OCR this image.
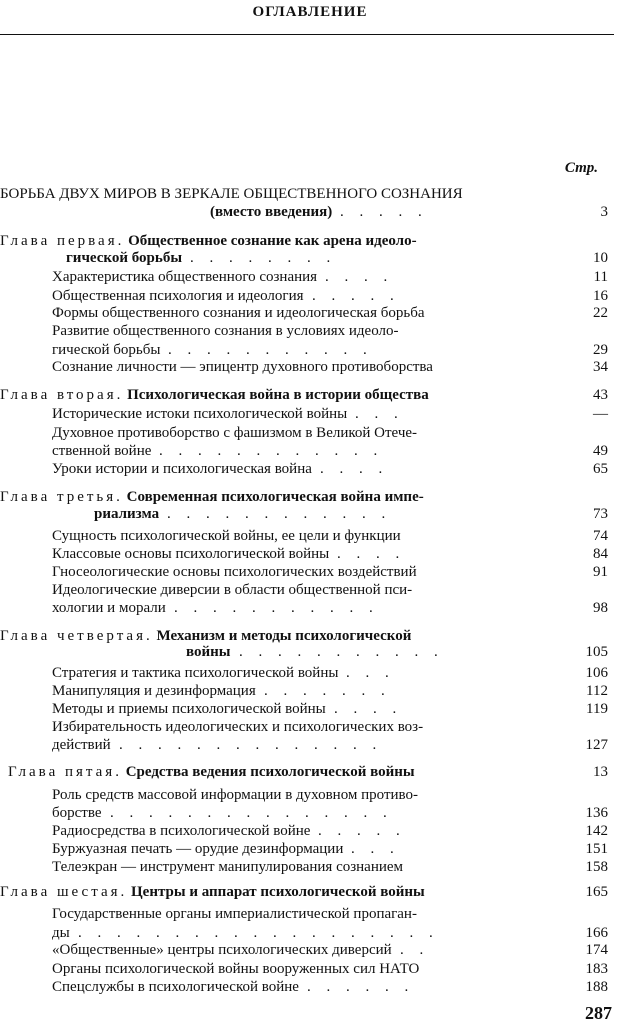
ОГЛАВЛЕНИЕ
Стр.
БОРЬБА ДВУХ МИРОВ В ЗЕРКАЛЕ ОБЩЕСТВЕННОГО СОЗНАНИЯ
(вместо введения) . . . . .	3
Глава первая. Общественное сознание как арена идеоло-
гической борьбы . . . . . . . .	10
Характеристика общественного сознания . . . .	11
Общественная психология и идеология . . . . .	16
Формы общественного сознания и идеологическая борьба	22
Развитие общественного сознания в условиях идеоло-
гической борьбы . . . . . . . . . . .	29
Сознание личности — эпицентр духовного противоборства	34
Глава вторая. Психологическая война в истории общества	43
Исторические истоки психологической войны . . .	—
Духовное противоборство с фашизмом в Великой Отече-
ственной войне . . . . . . . . . . . .	49
Уроки истории и психологическая война . . . .	65
Глава третья. Современная психологическая война импе-
риализма . . . . . . . . . . . .	73
Сущность психологической войны, ее цели и функции	74
Классовые основы психологической войны . . . .	84
Гносеологические основы психологических воздействий	91
Идеологические диверсии в области общественной пси-
хологии и морали . . . . . . . . . . .	98
Глава четвертая. Механизм и методы психологической
войны . . . . . . . . . . .	105
Стратегия и тактика психологической войны . . .	106
Манипуляция и дезинформация . . . . . . .	112
Методы и приемы психологической войны . . . .	119
Избирательность идеологических и психологических воз-
действий . . . . . . . . . . . . . .	127
Глава пятая. Средства ведения психологической войны	13
Роль средств массовой информации в духовном противо-
борстве . . . . . . . . . . . . . . .	136
Радиосредства в психологической войне . . . . .	142
Буржуазная печать — орудие дезинформации . . .	151
Телеэкран — инструмент манипулирования сознанием	158
Глава шестая. Центры и аппарат психологической войны	165
Государственные органы империалистической пропаган-
ды . . . . . . . . . . . . . . . . . . .	166
«Общественные» центры психологических диверсий . .	174
Органы психологической войны вооруженных сил НАТО	183
Спецслужбы в психологической войне . . . . . .	188
287
